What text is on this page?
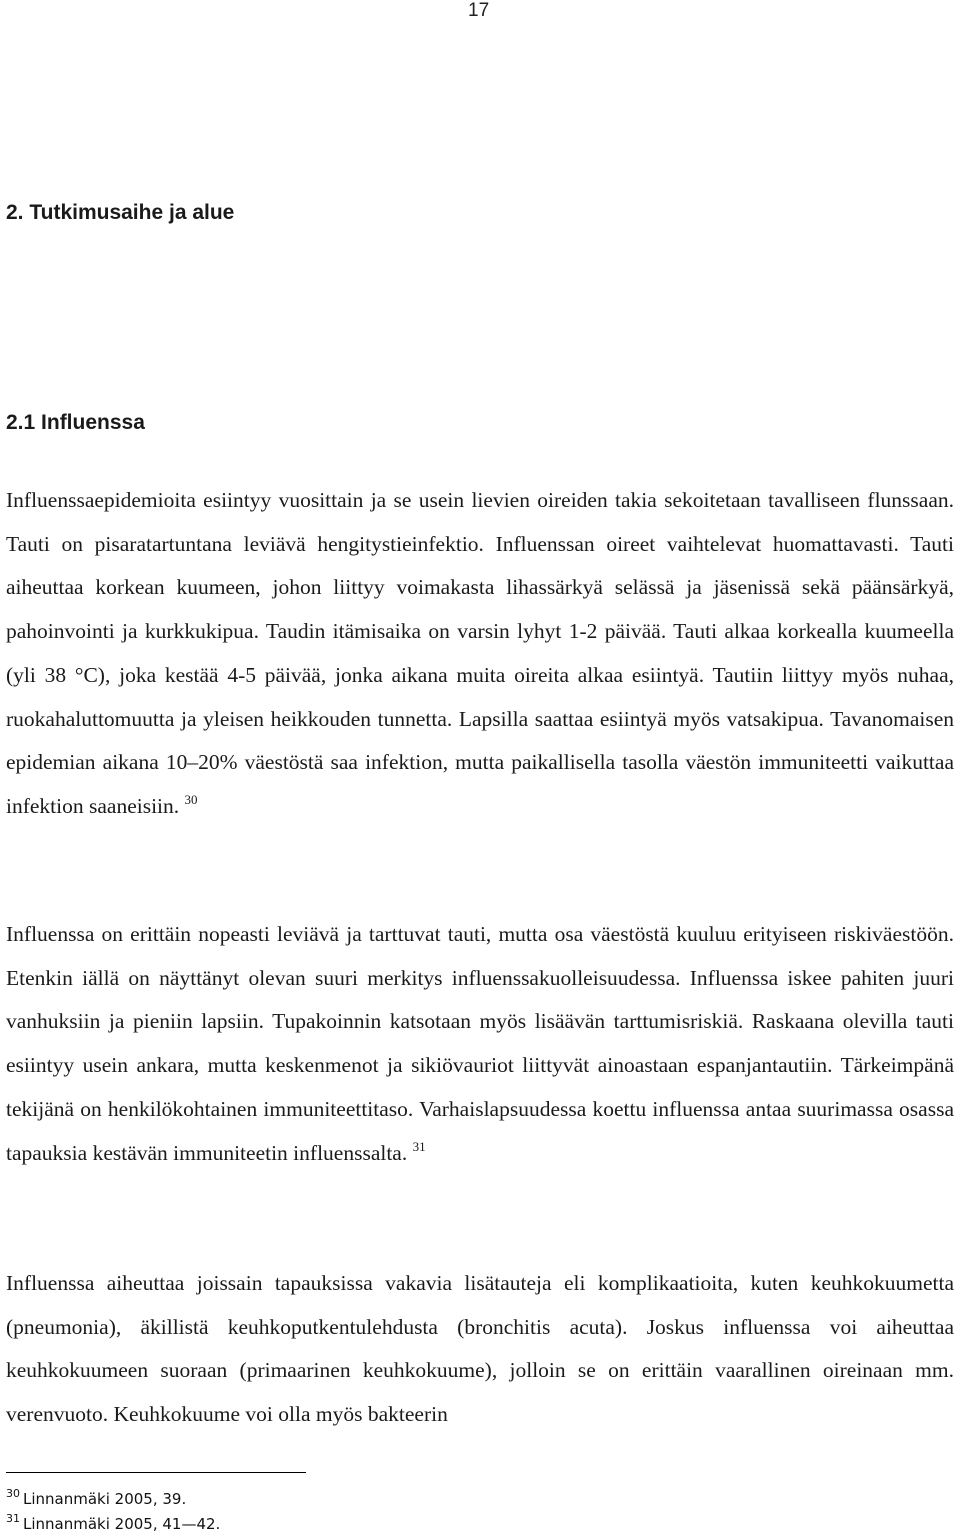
17
2. Tutkimusaihe ja alue
2.1 Influenssa
Influenssaepidemioita esiintyy vuosittain ja se usein lievien oireiden takia sekoitetaan tavalliseen flunssaan. Tauti on pisaratartuntana leviävä hengitystieinfektio. Influenssan oireet vaihtelevat huomattavasti. Tauti aiheuttaa korkean kuumeen, johon liittyy voimakasta lihassärkyä selässä ja jäsenissä sekä päänsärkyä, pahoinvointi ja kurkkukipua. Taudin itämisaika on varsin lyhyt 1-2 päivää. Tauti alkaa korkealla kuumeella (yli 38 °C), joka kestää 4-5 päivää, jonka aikana muita oireita alkaa esiintyä. Tautiin liittyy myös nuhaa, ruokahaluttomuutta ja yleisen heikkouden tunnetta. Lapsilla saattaa esiintyä myös vatsakipua. Tavanomaisen epidemian aikana 10–20% väestöstä saa infektion, mutta paikallisella tasolla väestön immuniteetti vaikuttaa infektion saaneisiin. $^{30}$
Influenssa on erittäin nopeasti leviävä ja tarttuvat tauti, mutta osa väestöstä kuuluu erityiseen riskiväestöön. Etenkin iällä on näyttänyt olevan suuri merkitys influenssakuolleisuudessa. Influenssa iskee pahiten juuri vanhuksiin ja pieniin lapsiin. Tupakoinnin katsotaan myös lisäävän tarttumisriskiä. Raskaana olevilla tauti esiintyy usein ankara, mutta keskenmenot ja sikiövauriot liittyvät ainoastaan espanjantautiin. Tärkeimpänä tekijänä on henkilökohtainen immuniteettitaso. Varhaislapsuudessa koettu influenssa antaa suurimassa osassa tapauksia kestävän immuniteetin influenssalta. $^{31}$
Influenssa aiheuttaa joissain tapauksissa vakavia lisätauteja eli komplikaatioita, kuten keuhkokuumetta (pneumonia), äkillistä keuhkoputkentulehdusta (bronchitis acuta). Joskus influenssa voi aiheuttaa keuhkokuumeen suoraan (primaarinen keuhkokuume), jolloin se on erittäin vaarallinen oireinaan mm. verenvuoto. Keuhkokuume voi olla myös bakteerin
$^{30}$ Linnanmäki 2005, 39.
$^{31}$ Linnanmäki 2005, 41—42.
